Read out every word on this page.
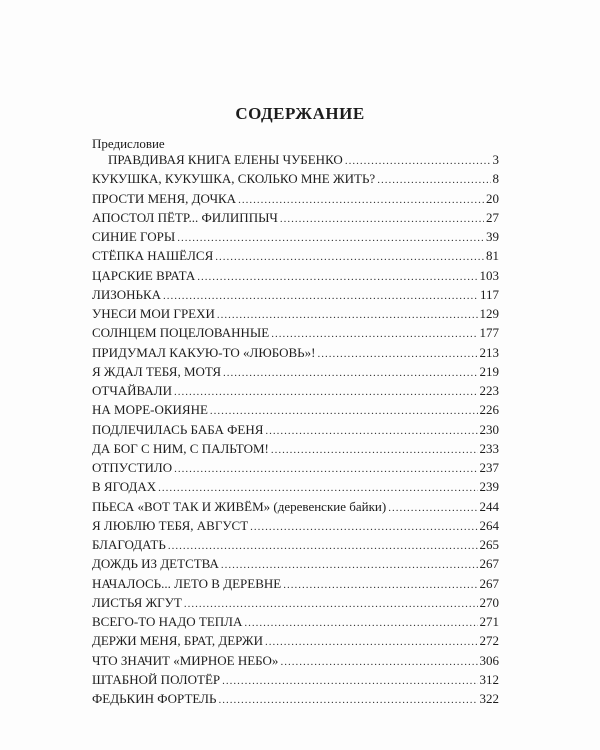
СОДЕРЖАНИЕ
Предисловие
ПРАВДИВАЯ КНИГА ЕЛЕНЫ ЧУБЕНКО .....	3
КУКУШКА, КУКУШКА, СКОЛЬКО МНЕ ЖИТЬ? .....	8
ПРОСТИ МЕНЯ, ДОЧКА .....	20
АПОСТОЛ ПЁТР... ФИЛИППЫЧ .....	27
СИНИЕ ГОРЫ .....	39
СТЁПКА НАШЁЛСЯ .....	81
ЦАРСКИЕ ВРАТА .....	103
ЛИЗОНЬКА .....	117
УНЕСИ МОИ ГРЕХИ .....	129
СОЛНЦЕМ ПОЦЕЛОВАННЫЕ .....	177
ПРИДУМАЛ КАКУЮ-ТО «ЛЮБОВЬ»! .....	213
Я ЖДАЛ ТЕБЯ, МОТЯ .....	219
ОТЧАЙВАЛИ .....	223
НА МОРЕ-ОКИЯНЕ .....	226
ПОДЛЕЧИЛАСЬ БАБА ФЕНЯ .....	230
ДА БОГ С НИМ, С ПАЛЬТОМ! .....	233
ОТПУСТИЛО .....	237
В ЯГОДАХ .....	239
ПЬЕСА «ВОТ ТАК И ЖИВЁМ» (деревенские байки) .....	244
Я ЛЮБЛЮ ТЕБЯ, АВГУСТ .....	264
БЛАГОДАТЬ .....	265
ДОЖДЬ ИЗ ДЕТСТВА .....	267
НАЧАЛОСЬ... ЛЕТО В ДЕРЕВНЕ .....	267
ЛИСТЬЯ ЖГУТ .....	270
ВСЕГО-ТО НАДО ТЕПЛА .....	271
ДЕРЖИ МЕНЯ, БРАТ, ДЕРЖИ .....	272
ЧТО ЗНАЧИТ «МИРНОЕ НЕБО» .....	306
ШТАБНОЙ ПОЛОТЁР .....	312
ФЕДЬКИН ФОРТЕЛЬ .....	322
